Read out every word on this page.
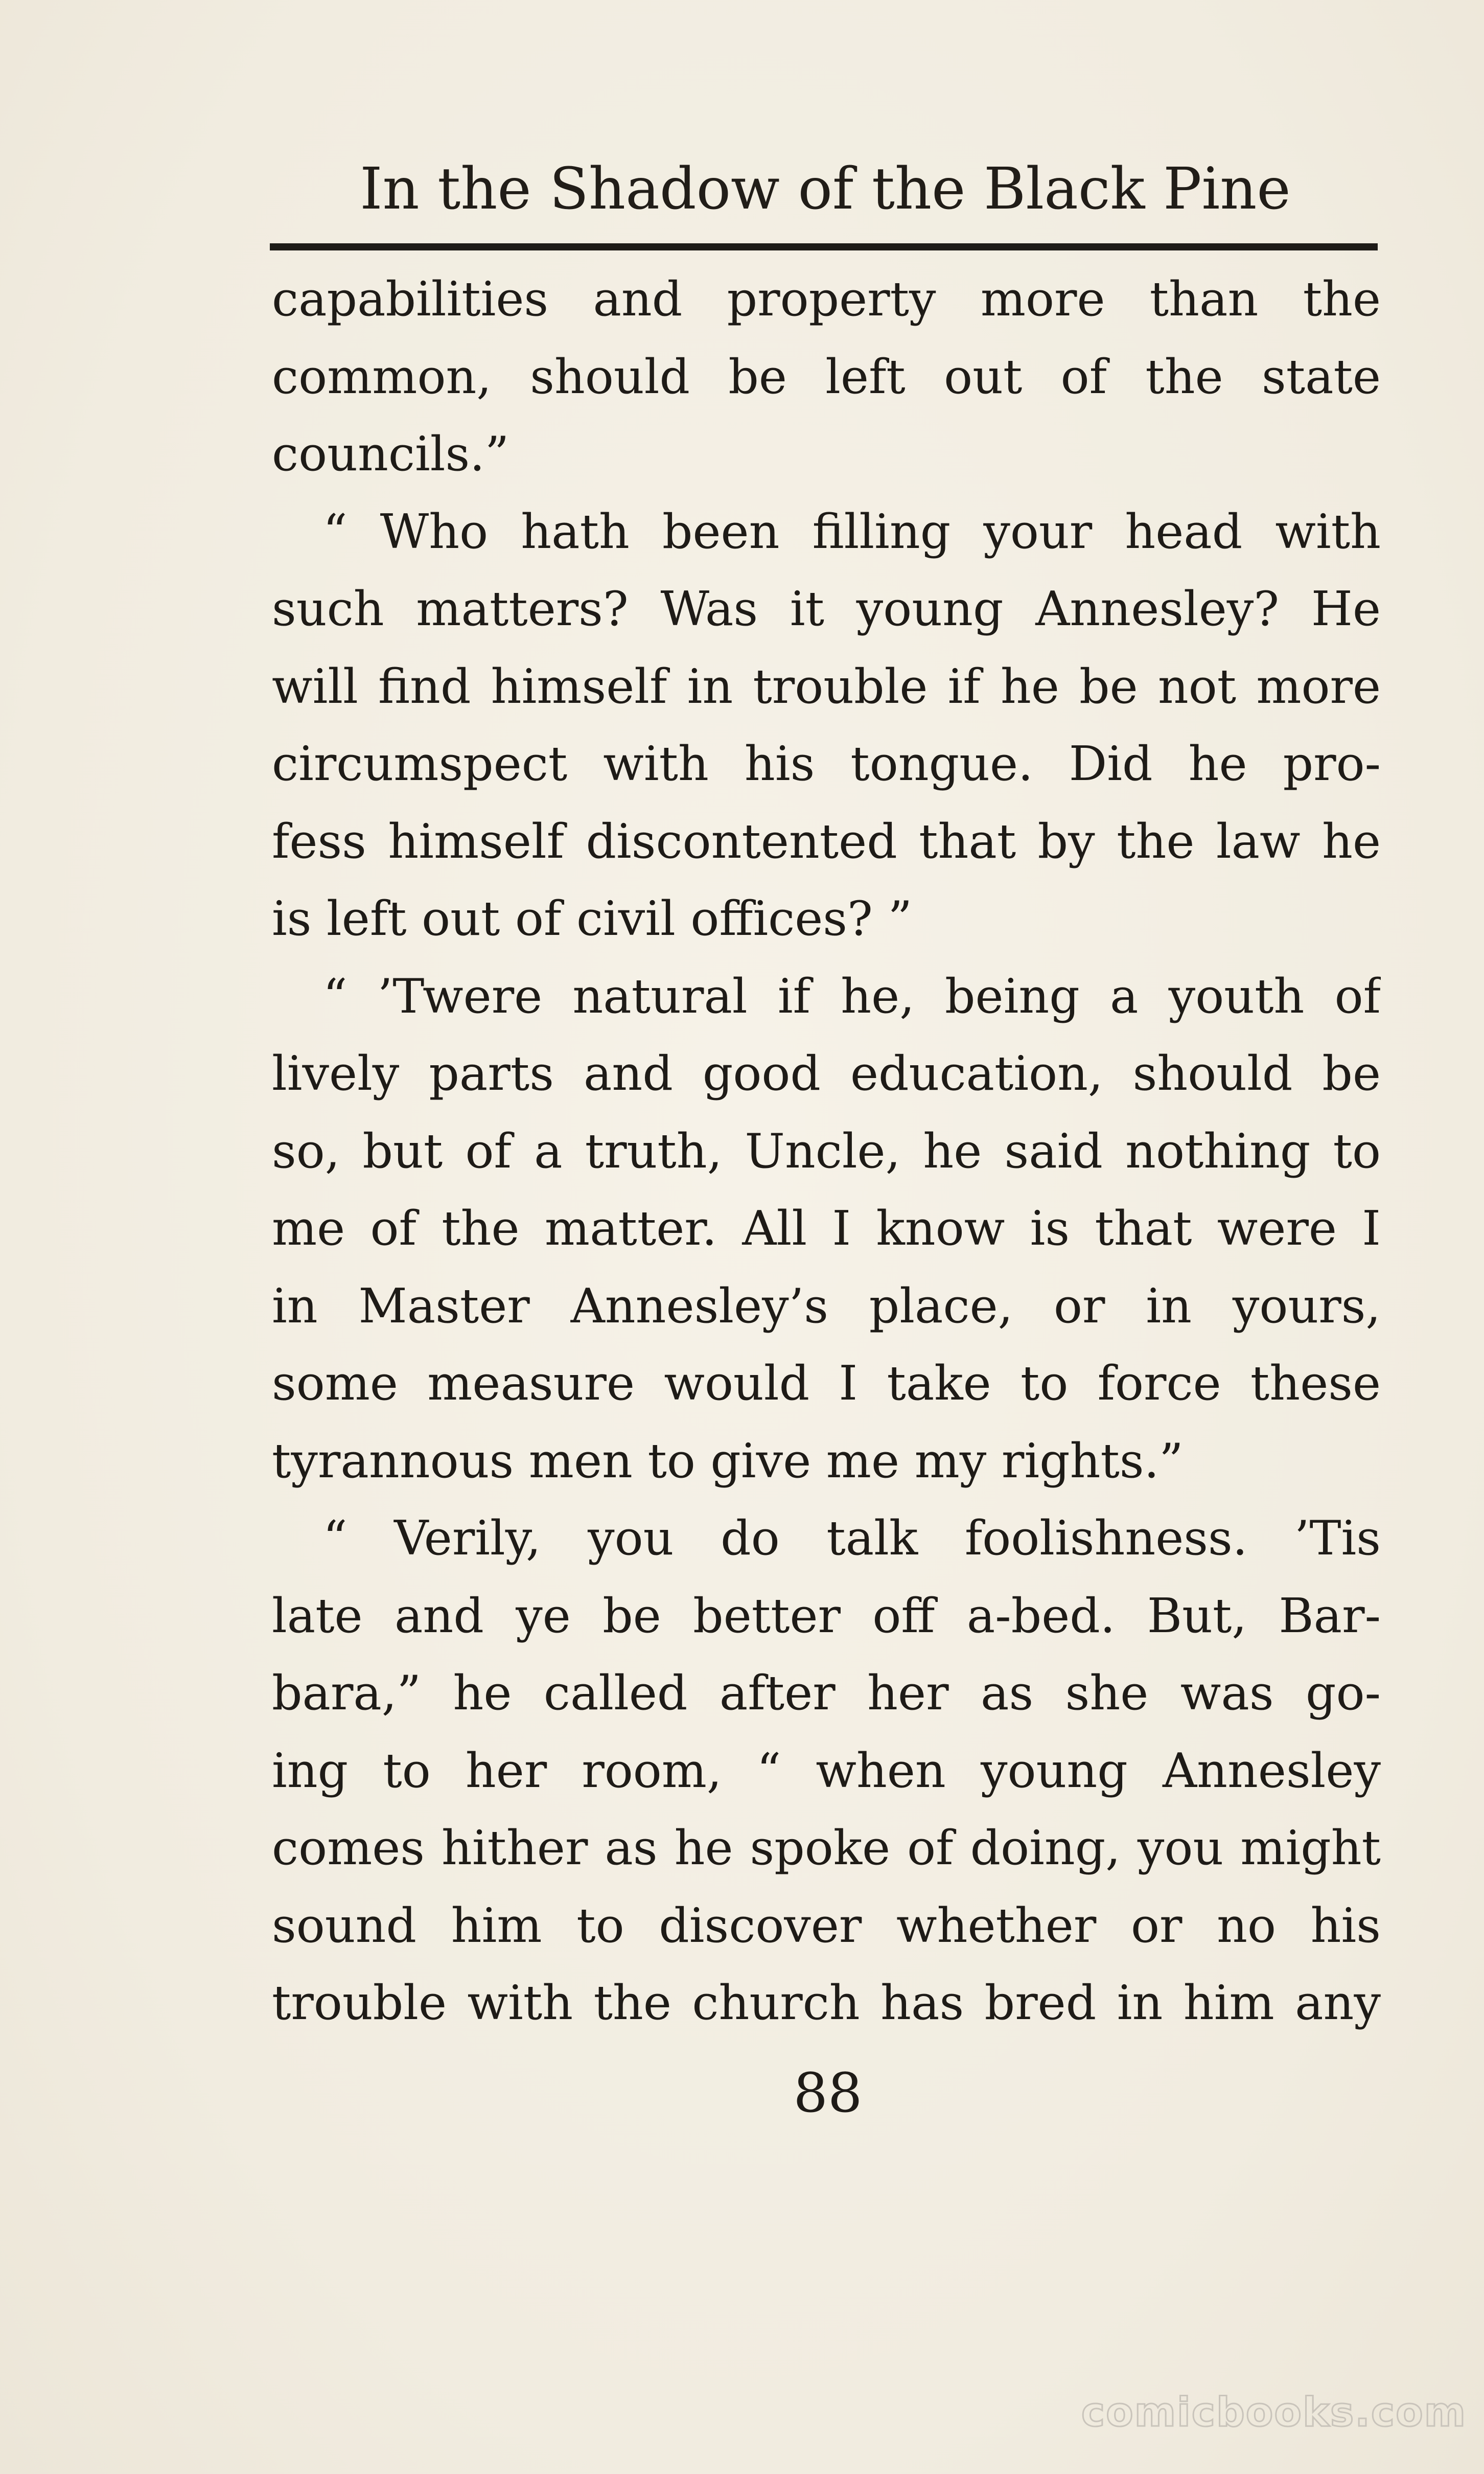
In the Shadow of the Black Pine
capabilities and property more than the
common, should be left out of the state
councils.”
“ Who hath been filling your head with
such matters? Was it young Annesley? He
will find himself in trouble if he be not more
circumspect with his tongue. Did he pro-
fess himself discontented that by the law he
is left out of civil offices? ”
“ ’Twere natural if he, being a youth of
lively parts and good education, should be
so, but of a truth, Uncle, he said nothing to
me of the matter. All I know is that were I
in Master Annesley’s place, or in yours,
some measure would I take to force these
tyrannous men to give me my rights.”
“ Verily, you do talk foolishness. ’Tis
late and ye be better off a-bed. But, Bar-
bara,” he called after her as she was go-
ing to her room, “ when young Annesley
comes hither as he spoke of doing, you might
sound him to discover whether or no his
trouble with the church has bred in him any
88
comicbooks.com
